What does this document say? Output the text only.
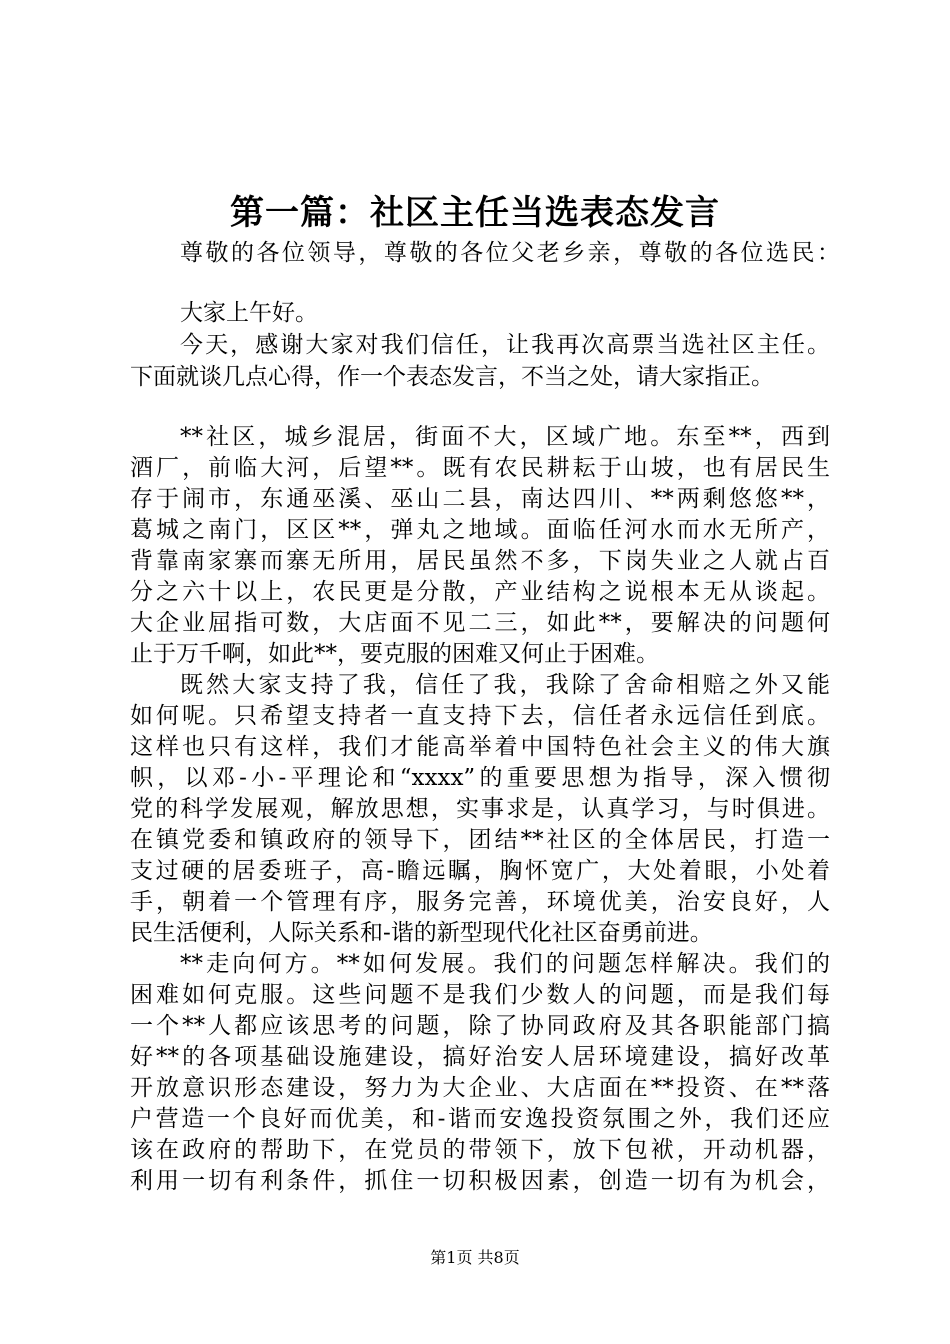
第一篇：社区主任当选表态发言
尊敬的各位领导，尊敬的各位父老乡亲，尊敬的各位选民：
大家上午好。
今天，感谢大家对我们信任，让我再次高票当选社区主任。
下面就谈几点心得，作一个表态发言，不当之处，请大家指正。
**社区，城乡混居，街面不大，区域广地。东至**，西到
酒厂，前临大河，后望**。既有农民耕耘于山坡，也有居民生
存于闹市，东通巫溪、巫山二县，南达四川、**两剩悠悠**，
葛城之南门，区区**，弹丸之地域。面临任河水而水无所产，
背靠南家寨而寨无所用，居民虽然不多，下岗失业之人就占百
分之六十以上，农民更是分散，产业结构之说根本无从谈起。
大企业屈指可数，大店面不见二三，如此**，要解决的问题何
止于万千啊，如此**，要克服的困难又何止于困难。
既然大家支持了我，信任了我，我除了舍命相赔之外又能
如何呢。只希望支持者一直支持下去，信任者永远信任到底。
这样也只有这样，我们才能高举着中国特色社会主义的伟大旗
帜，以邓-小-平理论和“xxxx”的重要思想为指导，深入惯彻
党的科学发展观，解放思想，实事求是，认真学习，与时俱进。
在镇党委和镇政府的领导下，团结**社区的全体居民，打造一
支过硬的居委班子，高-瞻远瞩，胸怀宽广，大处着眼，小处着
手，朝着一个管理有序，服务完善，环境优美，治安良好，人
民生活便利，人际关系和-谐的新型现代化社区奋勇前进。
**走向何方。**如何发展。我们的问题怎样解决。我们的
困难如何克服。这些问题不是我们少数人的问题，而是我们每
一个**人都应该思考的问题，除了协同政府及其各职能部门搞
好**的各项基础设施建设，搞好治安人居环境建设，搞好改革
开放意识形态建设，努力为大企业、大店面在**投资、在**落
户营造一个良好而优美，和-谐而安逸投资氛围之外，我们还应
该在政府的帮助下，在党员的带领下，放下包袱，开动机器，
利用一切有利条件，抓住一切积极因素，创造一切有为机会，
第1页 共8页
